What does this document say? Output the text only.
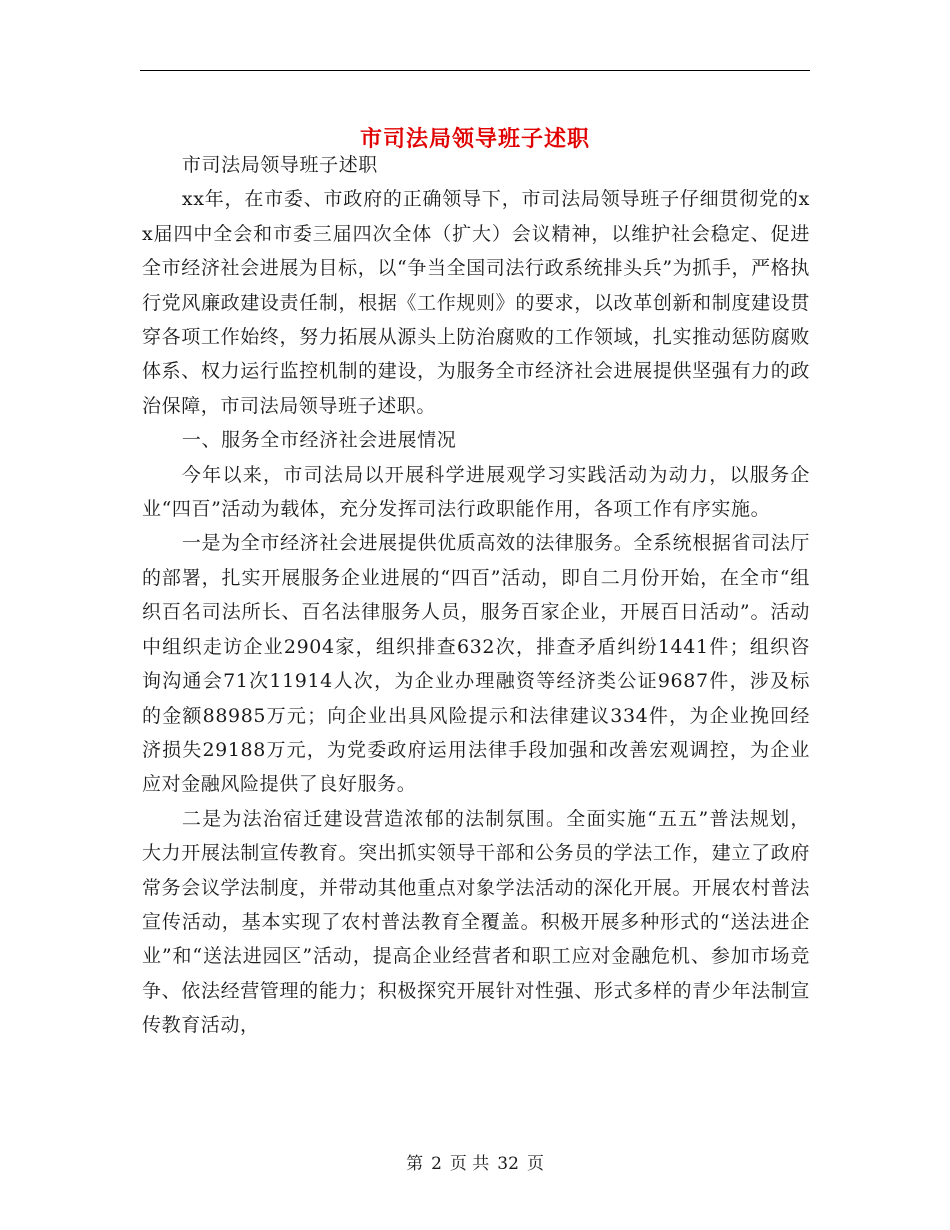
市司法局领导班子述职

市司法局领导班子述职

xx年，在市委、市政府的正确领导下，市司法局领导班子仔细贯彻党的xx届四中全会和市委三届四次全体（扩大）会议精神，以维护社会稳定、促进全市经济社会进展为目标，以“争当全国司法行政系统排头兵”为抓手，严格执行党风廉政建设责任制，根据《工作规则》的要求，以改革创新和制度建设贯穿各项工作始终，努力拓展从源头上防治腐败的工作领域，扎实推动惩防腐败体系、权力运行监控机制的建设，为服务全市经济社会进展提供坚强有力的政治保障，市司法局领导班子述职。

一、服务全市经济社会进展情况

今年以来，市司法局以开展科学进展观学习实践活动为动力，以服务企业“四百”活动为载体，充分发挥司法行政职能作用，各项工作有序实施。

一是为全市经济社会进展提供优质高效的法律服务。全系统根据省司法厅的部署，扎实开展服务企业进展的“四百”活动，即自二月份开始，在全市“组织百名司法所长、百名法律服务人员，服务百家企业，开展百日活动”。活动中组织走访企业2904家，组织排查632次，排查矛盾纠纷1441件；组织咨询沟通会71次11914人次，为企业办理融资等经济类公证9687件，涉及标的金额88985万元；向企业出具风险提示和法律建议334件，为企业挽回经济损失29188万元，为党委政府运用法律手段加强和改善宏观调控，为企业应对金融风险提供了良好服务。

二是为法治宿迁建设营造浓郁的法制氛围。全面实施“五五”普法规划，大力开展法制宣传教育。突出抓实领导干部和公务员的学法工作，建立了政府常务会议学法制度，并带动其他重点对象学法活动的深化开展。开展农村普法宣传活动，基本实现了农村普法教育全覆盖。积极开展多种形式的“送法进企业”和“送法进园区”活动，提高企业经营者和职工应对金融危机、参加市场竞争、依法经营管理的能力；积极探究开展针对性强、形式多样的青少年法制宣传教育活动，

第 2 页 共 32 页
